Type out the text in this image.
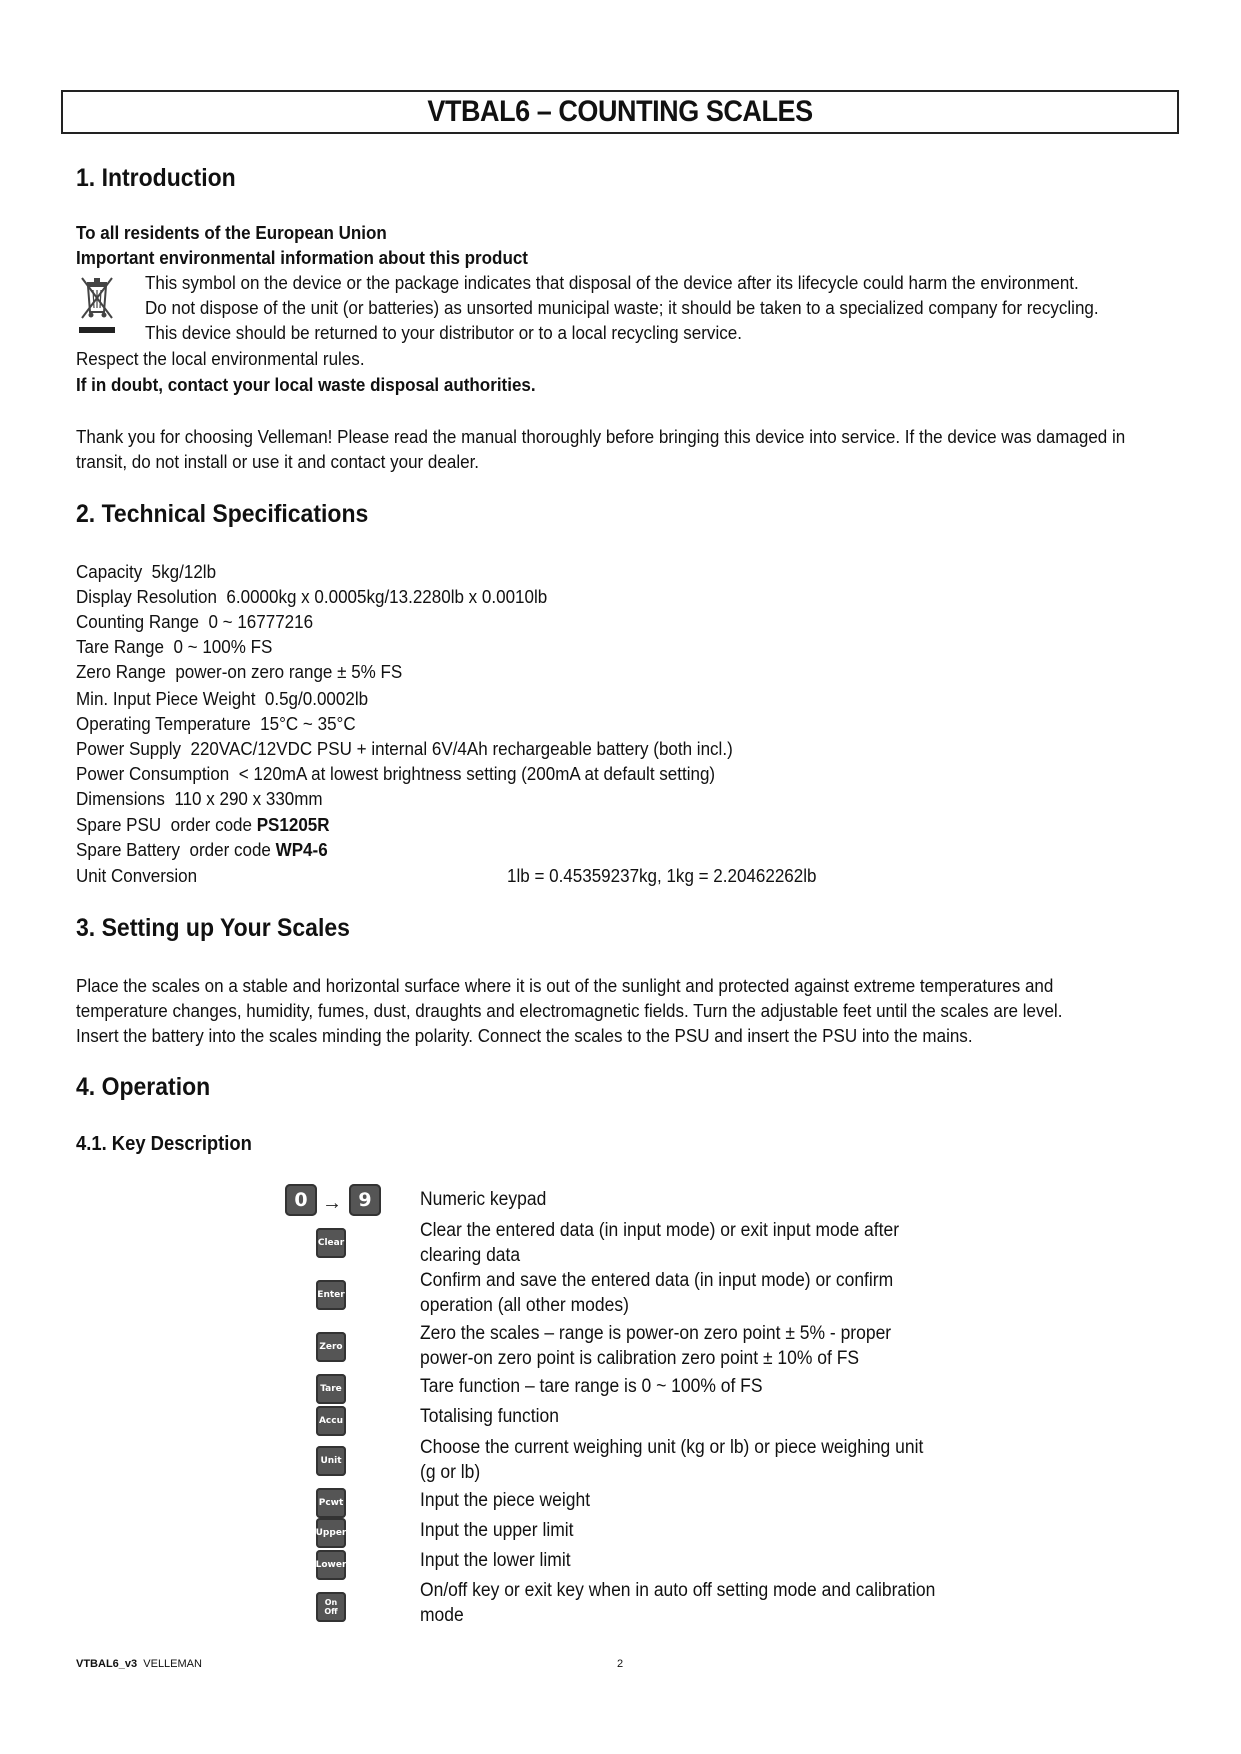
VTBAL6 – COUNTING SCALES
1. Introduction
To all residents of the European Union
Important environmental information about this product
This symbol on the device or the package indicates that disposal of the device after its lifecycle could harm the environment.
Do not dispose of the unit (or batteries) as unsorted municipal waste; it should be taken to a specialized company for recycling.
This device should be returned to your distributor or to a local recycling service.
Respect the local environmental rules.
If in doubt, contact your local waste disposal authorities.
Thank you for choosing Velleman! Please read the manual thoroughly before bringing this device into service. If the device was damaged in
transit, do not install or use it and contact your dealer.
2. Technical Specifications
Capacity 5kg/12lb
Display Resolution 6.0000kg x 0.0005kg/13.2280lb x 0.0010lb
Counting Range 0 ~ 16777216
Tare Range 0 ~ 100% FS
Zero Range power-on zero range ± 5% FS
Min. Input Piece Weight 0.5g/0.0002lb
Operating Temperature 15°C ~ 35°C
Power Supply 220VAC/12VDC PSU + internal 6V/4Ah rechargeable battery (both incl.)
Power Consumption < 120mA at lowest brightness setting (200mA at default setting)
Dimensions 110 x 290 x 330mm
Spare PSU order code PS1205R
Spare Battery order code WP4-6
Unit Conversion	1lb = 0.45359237kg, 1kg = 2.20462262lb
3. Setting up Your Scales
Place the scales on a stable and horizontal surface where it is out of the sunlight and protected against extreme temperatures and
temperature changes, humidity, fumes, dust, draughts and electromagnetic fields. Turn the adjustable feet until the scales are level.
Insert the battery into the scales minding the polarity. Connect the scales to the PSU and insert the PSU into the mains.
4. Operation
4.1. Key Description
0 → 9
Clear
Enter
Zero
Tare
Accu
Unit
Pcwt
Upper
Lower
On
Off
Numeric keypad
Clear the entered data (in input mode) or exit input mode after
clearing data
Confirm and save the entered data (in input mode) or confirm
operation (all other modes)
Zero the scales – range is power-on zero point ± 5% - proper
power-on zero point is calibration zero point ± 10% of FS
Tare function – tare range is 0 ~ 100% of FS
Totalising function
Choose the current weighing unit (kg or lb) or piece weighing unit
(g or lb)
Input the piece weight
Input the upper limit
Input the lower limit
On/off key or exit key when in auto off setting mode and calibration
mode
VTBAL6_v3 VELLEMAN	2
